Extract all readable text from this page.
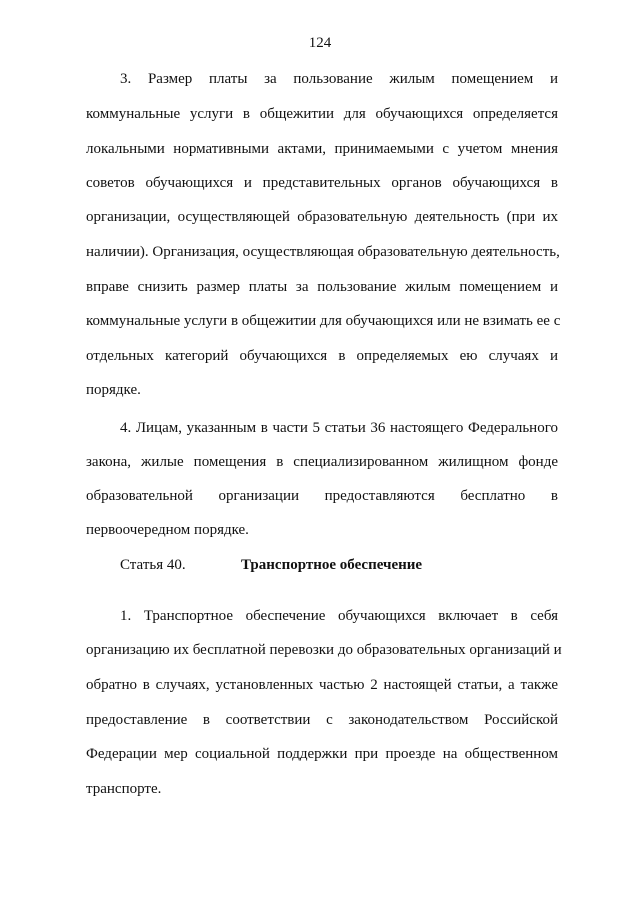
124
3. Размер платы за пользование жилым помещением и
коммунальные услуги в общежитии для обучающихся определяется
локальными нормативными актами, принимаемыми с учетом мнения
советов обучающихся и представительных органов обучающихся в
организации, осуществляющей образовательную деятельность (при их
наличии). Организация, осуществляющая образовательную деятельность,
вправе снизить размер платы за пользование жилым помещением и
коммунальные услуги в общежитии для обучающихся или не взимать ее с
отдельных категорий обучающихся в определяемых ею случаях и
порядке.
4. Лицам, указанным в части 5 статьи 36 настоящего Федерального
закона, жилые помещения в специализированном жилищном фонде
образовательной организации предоставляются бесплатно в
первоочередном порядке.
Статья 40.	Транспортное обеспечение
1. Транспортное обеспечение обучающихся включает в себя
организацию их бесплатной перевозки до образовательных организаций и
обратно в случаях, установленных частью 2 настоящей статьи, а также
предоставление в соответствии с законодательством Российской
Федерации мер социальной поддержки при проезде на общественном
транспорте.
